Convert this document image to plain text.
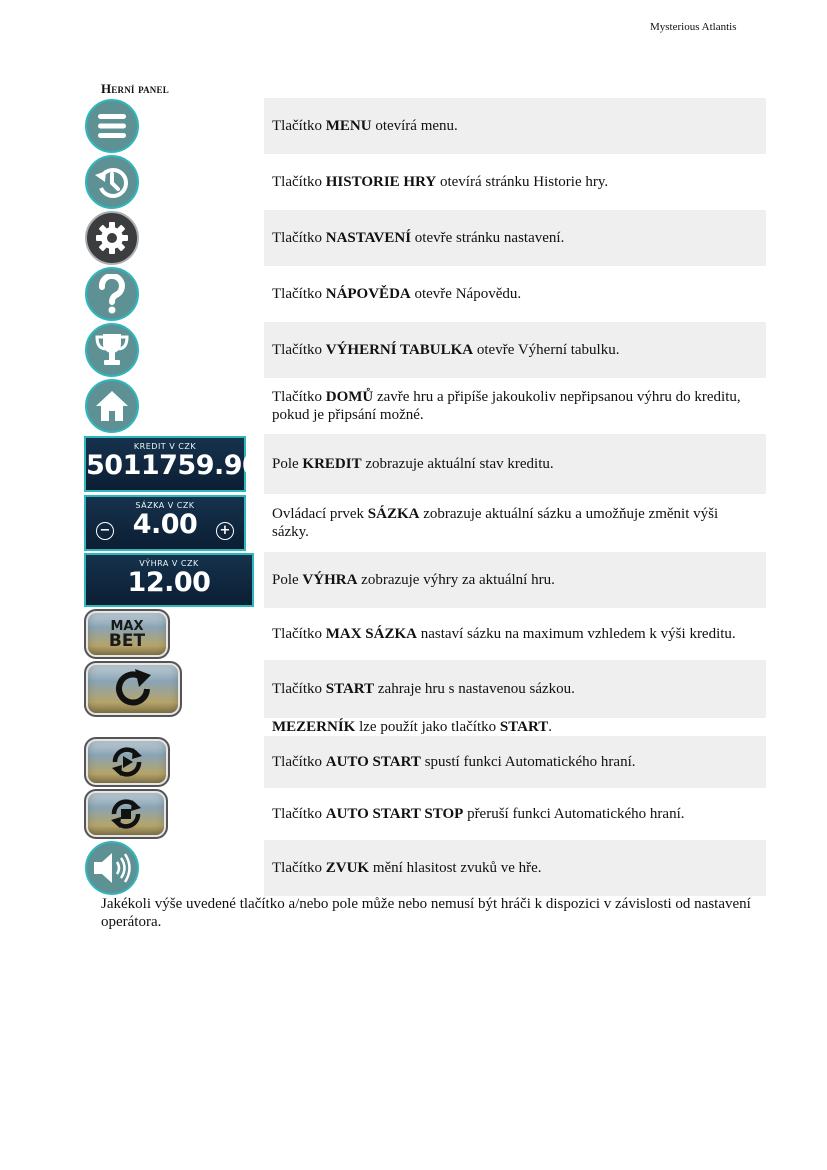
Mysterious Atlantis
Herní panel
	Tlačítko MENU otevírá menu.

	Tlačítko HISTORIE HRY otevírá stránku Historie hry.

	Tlačítko NASTAVENÍ otevře stránku nastavení.

	Tlačítko NÁPOVĚDA otevře Nápovědu.

	Tlačítko VÝHERNÍ TABULKA otevře Výherní tabulku.

	Tlačítko DOMŮ zavře hru a připíše jakoukoliv nepřipsanou výhru do kreditu, pokud je připsání možné.

KREDIT V CZK
5011759.90	Pole KREDIT zobrazuje aktuální stav kreditu.

SÁZKA V CZK
4.00
− +	Ovládací prvek SÁZKA zobrazuje aktuální sázku a umožňuje změnit výši sázky.

VÝHRA V CZK
12.00	Pole VÝHRA zobrazuje výhry za aktuální hru.

MAX
BET	Tlačítko MAX SÁZKA nastaví sázku na maximum vzhledem k výši kreditu.

	Tlačítko START zahraje hru s nastavenou sázkou.
	MEZERNÍK lze použít jako tlačítko START.

	Tlačítko AUTO START spustí funkci Automatického hraní.

	Tlačítko AUTO START STOP přeruší funkci Automatického hraní.

	Tlačítko ZVUK mění hlasitost zvuků ve hře.
Jakékoli výše uvedené tlačítko a/nebo pole může nebo nemusí být hráči k dispozici v závislosti od nastavení operátora.
